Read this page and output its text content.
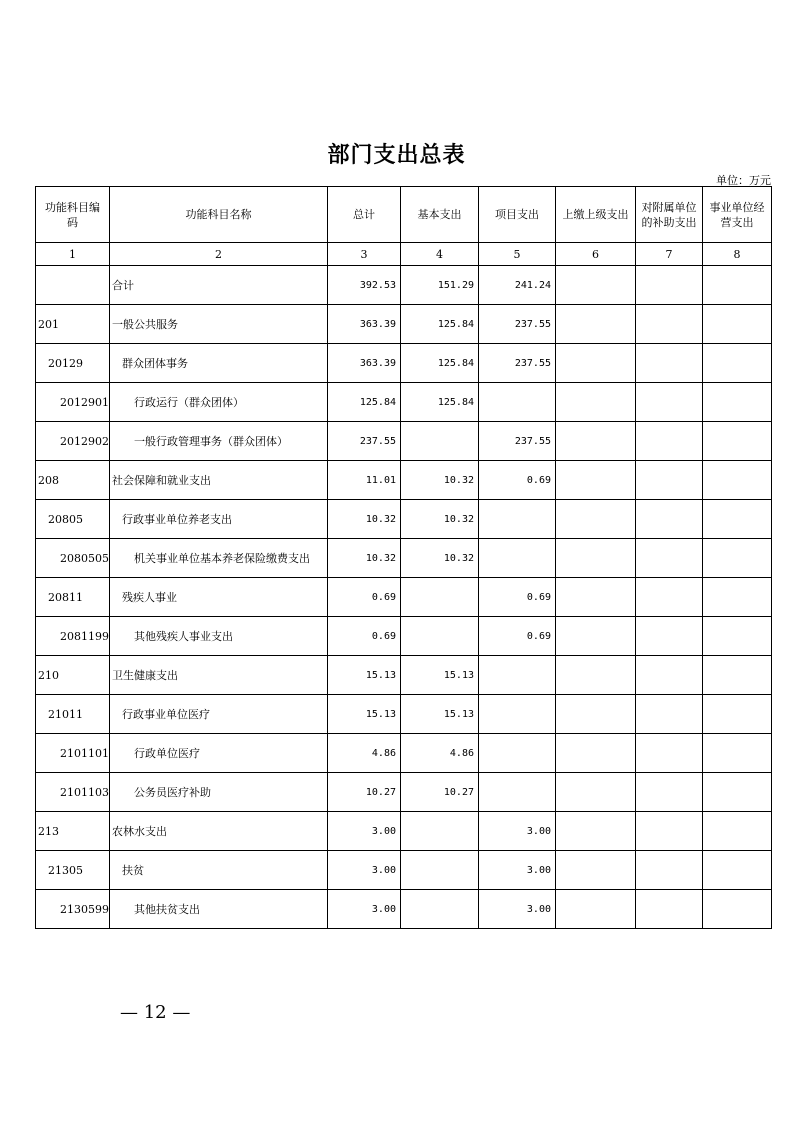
部门支出总表
单位：万元
功能科目编码	功能科目名称	总计	基本支出	项目支出	上缴上级支出	对附属单位的补助支出	事业单位经营支出
1	2	3	4	5	6	7	8
	合计	392.53	151.29	241.24			
201	一般公共服务	363.39	125.84	237.55			
20129	群众团体事务	363.39	125.84	237.55			
2012901	行政运行（群众团体）	125.84	125.84				
2012902	一般行政管理事务（群众团体）	237.55		237.55			
208	社会保障和就业支出	11.01	10.32	0.69			
20805	行政事业单位养老支出	10.32	10.32				
2080505	机关事业单位基本养老保险缴费支出	10.32	10.32				
20811	残疾人事业	0.69		0.69			
2081199	其他残疾人事业支出	0.69		0.69			
210	卫生健康支出	15.13	15.13				
21011	行政事业单位医疗	15.13	15.13				
2101101	行政单位医疗	4.86	4.86				
2101103	公务员医疗补助	10.27	10.27				
213	农林水支出	3.00		3.00			
21305	扶贫	3.00		3.00			
2130599	其他扶贫支出	3.00		3.00			
— 12 —
